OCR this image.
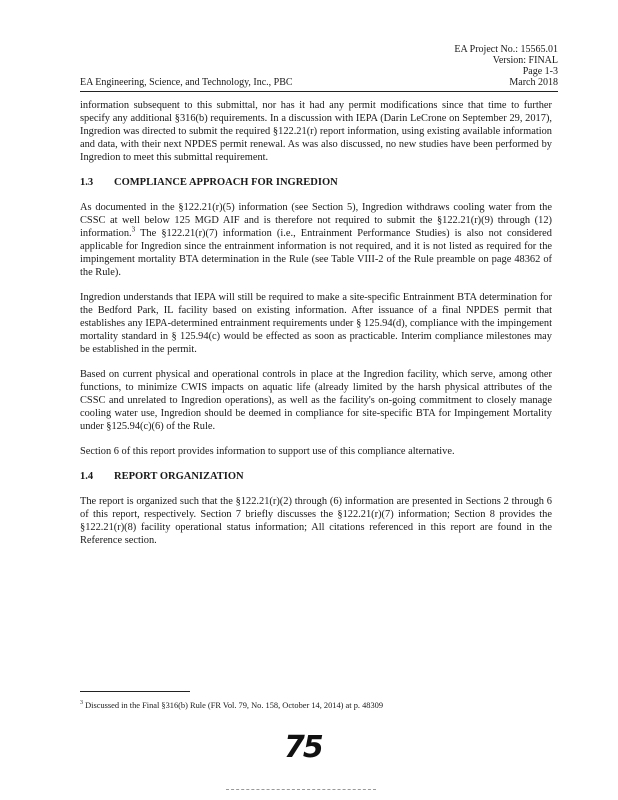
EA Project No.: 15565.01
Version: FINAL
Page 1-3
March 2018
EA Engineering, Science, and Technology, Inc., PBC

information subsequent to this submittal, nor has it had any permit modifications since that time to further specify any additional §316(b) requirements. In a discussion with IEPA (Darin LeCrone on September 29, 2017), Ingredion was directed to submit the required §122.21(r) report information, using existing available information and data, with their next NPDES permit renewal. As was also discussed, no new studies have been performed by Ingredion to meet this submittal requirement.

1.3 COMPLIANCE APPROACH FOR INGREDION

As documented in the §122.21(r)(5) information (see Section 5), Ingredion withdraws cooling water from the CSSC at well below 125 MGD AIF and is therefore not required to submit the §122.21(r)(9) through (12) information.$^3$ The §122.21(r)(7) information (i.e., Entrainment Performance Studies) is also not considered applicable for Ingredion since the entrainment information is not required, and it is not listed as required for the impingement mortality BTA determination in the Rule (see Table VIII-2 of the Rule preamble on page 48362 of the Rule).

Ingredion understands that IEPA will still be required to make a site-specific Entrainment BTA determination for the Bedford Park, IL facility based on existing information. After issuance of a final NPDES permit that establishes any IEPA-determined entrainment requirements under § 125.94(d), compliance with the impingement mortality standard in § 125.94(c) would be effected as soon as practicable. Interim compliance milestones may be established in the permit.

Based on current physical and operational controls in place at the Ingredion facility, which serve, among other functions, to minimize CWIS impacts on aquatic life (already limited by the harsh physical attributes of the CSSC and unrelated to Ingredion operations), as well as the facility's on-going commitment to closely manage cooling water use, Ingredion should be deemed in compliance for site-specific BTA for Impingement Mortality under §125.94(c)(6) of the Rule.

Section 6 of this report provides information to support use of this compliance alternative.

1.4 REPORT ORGANIZATION

The report is organized such that the §122.21(r)(2) through (6) information are presented in Sections 2 through 6 of this report, respectively. Section 7 briefly discusses the §122.21(r)(7) information; Section 8 provides the §122.21(r)(8) facility operational status information; All citations referenced in this report are found in the Reference section.

$^3$ Discussed in the Final §316(b) Rule (FR Vol. 79, No. 158, October 14, 2014) at p. 48309
75
